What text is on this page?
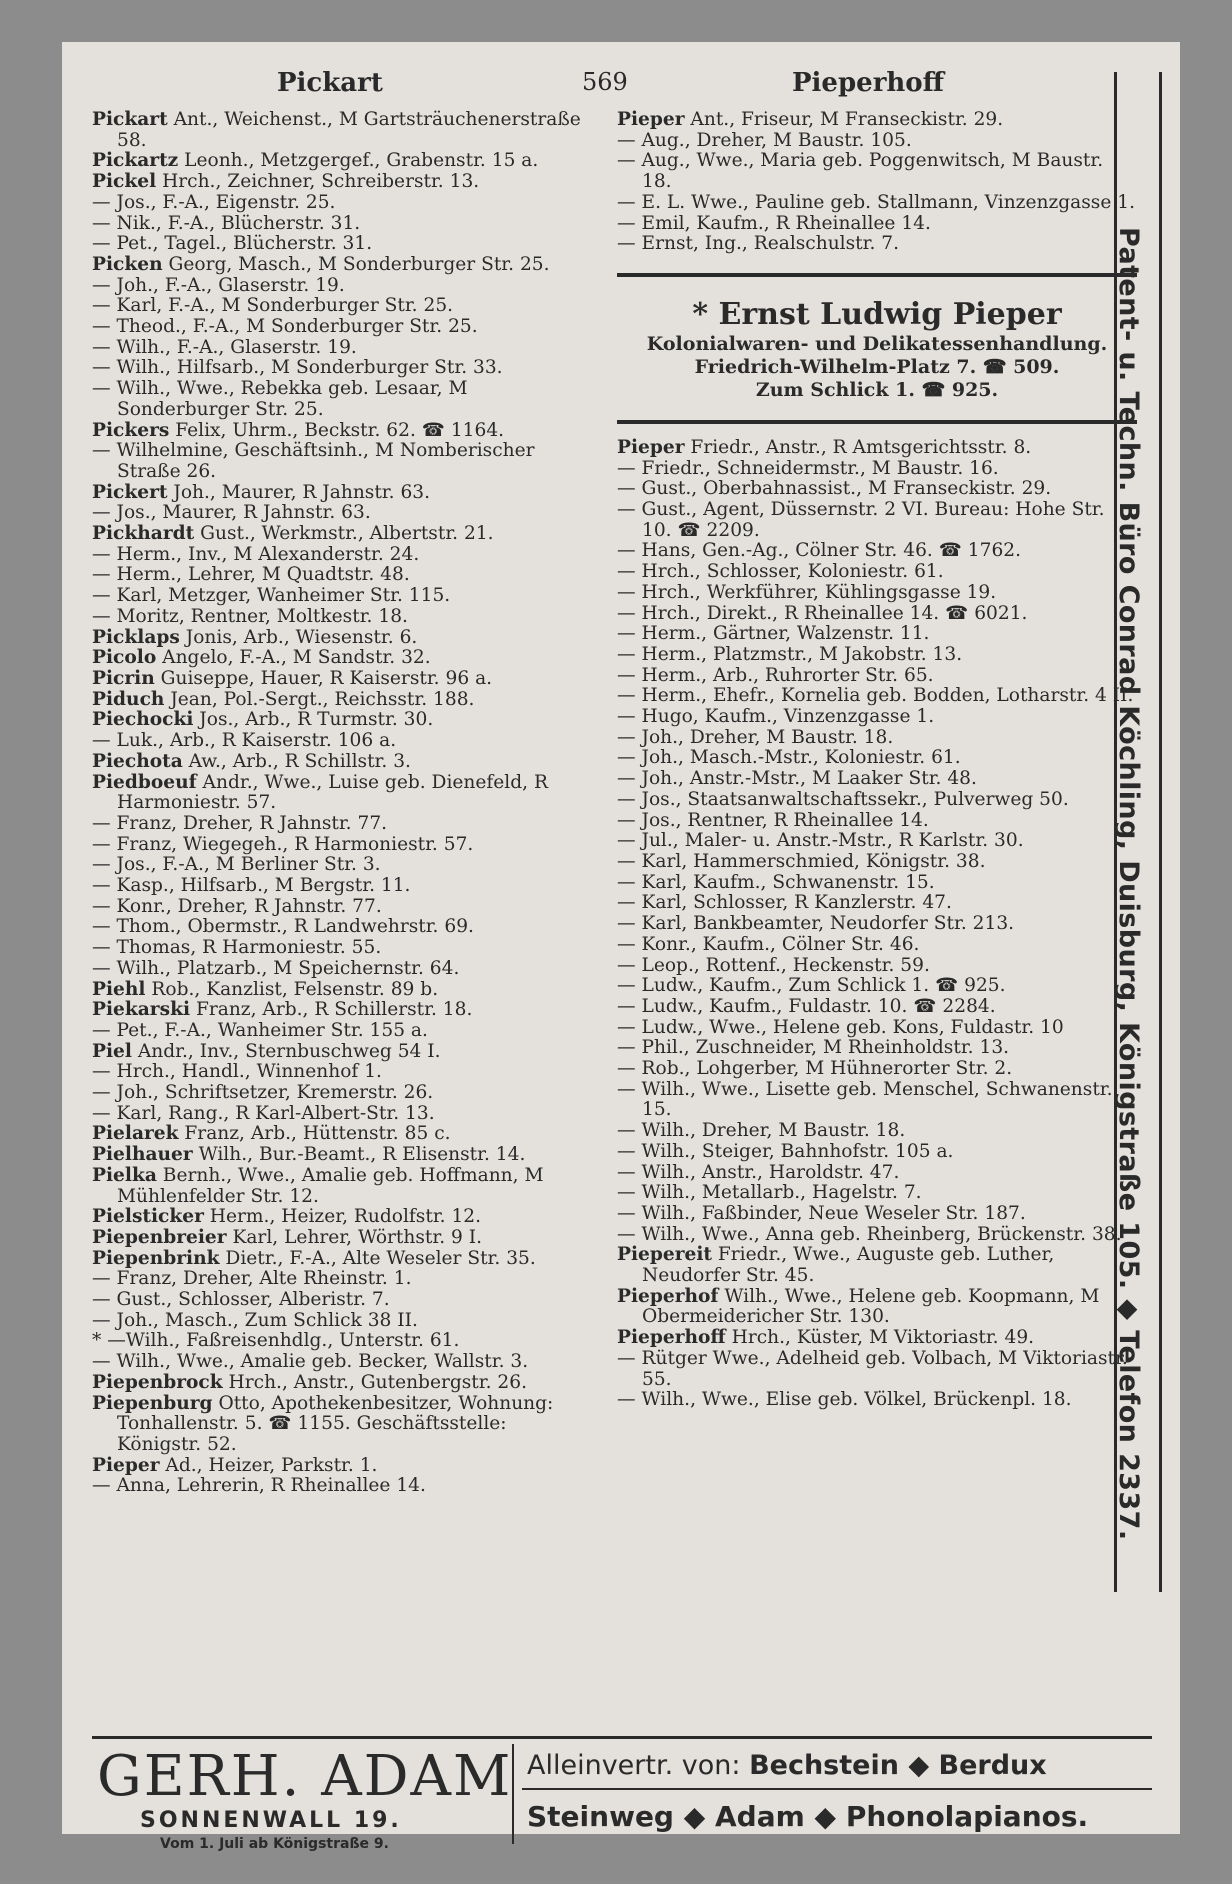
Pickart	569	Pieperhoff

Pickart Ant., Weichenst., M Gartsträuchenerstraße 58.

Pickartz Leonh., Metzgergef., Grabenstr. 15 a.

Pickel Hrch., Zeichner, Schreiberstr. 13.

— Jos., F.-A., Eigenstr. 25.

— Nik., F.-A., Blücherstr. 31.

— Pet., Tagel., Blücherstr. 31.

Picken Georg, Masch., M Sonderburger Str. 25.

— Joh., F.-A., Glaserstr. 19.

— Karl, F.-A., M Sonderburger Str. 25.

— Theod., F.-A., M Sonderburger Str. 25.

— Wilh., F.-A., Glaserstr. 19.

— Wilh., Hilfsarb., M Sonderburger Str. 33.

— Wilh., Wwe., Rebekka geb. Lesaar, M Sonderburger Str. 25.

Pickers Felix, Uhrm., Beckstr. 62. ☎ 1164.

— Wilhelmine, Geschäftsinh., M Nomberischer Straße 26.

Pickert Joh., Maurer, R Jahnstr. 63.

— Jos., Maurer, R Jahnstr. 63.

Pickhardt Gust., Werkmstr., Albertstr. 21.

— Herm., Inv., M Alexanderstr. 24.

— Herm., Lehrer, M Quadtstr. 48.

— Karl, Metzger, Wanheimer Str. 115.

— Moritz, Rentner, Moltkestr. 18.

Picklaps Jonis, Arb., Wiesenstr. 6.

Picolo Angelo, F.-A., M Sandstr. 32.

Picrin Guiseppe, Hauer, R Kaiserstr. 96 a.

Piduch Jean, Pol.-Sergt., Reichsstr. 188.

Piechocki Jos., Arb., R Turmstr. 30.

— Luk., Arb., R Kaiserstr. 106 a.

Piechota Aw., Arb., R Schillstr. 3.

Piedboeuf Andr., Wwe., Luise geb. Dienefeld, R Harmoniestr. 57.

— Franz, Dreher, R Jahnstr. 77.

— Franz, Wiegegeh., R Harmoniestr. 57.

— Jos., F.-A., M Berliner Str. 3.

— Kasp., Hilfsarb., M Bergstr. 11.

— Konr., Dreher, R Jahnstr. 77.

— Thom., Obermstr., R Landwehrstr. 69.

— Thomas, R Harmoniestr. 55.

— Wilh., Platzarb., M Speichernstr. 64.

Piehl Rob., Kanzlist, Felsenstr. 89 b.

Piekarski Franz, Arb., R Schillerstr. 18.

— Pet., F.-A., Wanheimer Str. 155 a.

Piel Andr., Inv., Sternbuschweg 54 I.

— Hrch., Handl., Winnenhof 1.

— Joh., Schriftsetzer, Kremerstr. 26.

— Karl, Rang., R Karl-Albert-Str. 13.

Pielarek Franz, Arb., Hüttenstr. 85 c.

Pielhauer Wilh., Bur.-Beamt., R Elisenstr. 14.

Pielka Bernh., Wwe., Amalie geb. Hoffmann, M Mühlenfelder Str. 12.

Pielsticker Herm., Heizer, Rudolfstr. 12.

Piepenbreier Karl, Lehrer, Wörthstr. 9 I.

Piepenbrink Dietr., F.-A., Alte Weseler Str. 35.

— Franz, Dreher, Alte Rheinstr. 1.

— Gust., Schlosser, Alberistr. 7.

— Joh., Masch., Zum Schlick 38 II.

* —Wilh., Faßreisenhdlg., Unterstr. 61.

— Wilh., Wwe., Amalie geb. Becker, Wallstr. 3.

Piepenbrock Hrch., Anstr., Gutenbergstr. 26.

Piepenburg Otto, Apothekenbesitzer, Wohnung: Tonhallenstr. 5. ☎ 1155. Geschäftsstelle: Königstr. 52.

Pieper Ad., Heizer, Parkstr. 1.

— Anna, Lehrerin, R Rheinallee 14.

Pieper Ant., Friseur, M Franseckistr. 29.

— Aug., Dreher, M Baustr. 105.

— Aug., Wwe., Maria geb. Poggenwitsch, M Baustr. 18.

— E. L. Wwe., Pauline geb. Stallmann, Vinzenzgasse 1.

— Emil, Kaufm., R Rheinallee 14.

— Ernst, Ing., Realschulstr. 7.

* Ernst Ludwig Pieper
Kolonialwaren- und Delikatessenhandlung.
Friedrich-Wilhelm-Platz 7. ☎ 509.
Zum Schlick 1. ☎ 925.

Pieper Friedr., Anstr., R Amtsgerichtsstr. 8.

— Friedr., Schneidermstr., M Baustr. 16.

— Gust., Oberbahnassist., M Franseckistr. 29.

— Gust., Agent, Düssernstr. 2 VI. Bureau: Hohe Str. 10. ☎ 2209.

— Hans, Gen.-Ag., Cölner Str. 46. ☎ 1762.

— Hrch., Schlosser, Koloniestr. 61.

— Hrch., Werkführer, Kühlingsgasse 19.

— Hrch., Direkt., R Rheinallee 14. ☎ 6021.

— Herm., Gärtner, Walzenstr. 11.

— Herm., Platzmstr., M Jakobstr. 13.

— Herm., Arb., Ruhrorter Str. 65.

— Herm., Ehefr., Kornelia geb. Bodden, Lotharstr. 4 II.

— Hugo, Kaufm., Vinzenzgasse 1.

— Joh., Dreher, M Baustr. 18.

— Joh., Masch.-Mstr., Koloniestr. 61.

— Joh., Anstr.-Mstr., M Laaker Str. 48.

— Jos., Staatsanwaltschaftssekr., Pulverweg 50.

— Jos., Rentner, R Rheinallee 14.

— Jul., Maler- u. Anstr.-Mstr., R Karlstr. 30.

— Karl, Hammerschmied, Königstr. 38.

— Karl, Kaufm., Schwanenstr. 15.

— Karl, Schlosser, R Kanzlerstr. 47.

— Karl, Bankbeamter, Neudorfer Str. 213.

— Konr., Kaufm., Cölner Str. 46.

— Leop., Rottenf., Heckenstr. 59.

— Ludw., Kaufm., Zum Schlick 1. ☎ 925.

— Ludw., Kaufm., Fuldastr. 10. ☎ 2284.

— Ludw., Wwe., Helene geb. Kons, Fuldastr. 10

— Phil., Zuschneider, M Rheinholdstr. 13.

— Rob., Lohgerber, M Hühnerorter Str. 2.

— Wilh., Wwe., Lisette geb. Menschel, Schwanenstr. 15.

— Wilh., Dreher, M Baustr. 18.

— Wilh., Steiger, Bahnhofstr. 105 a.

— Wilh., Anstr., Haroldstr. 47.

— Wilh., Metallarb., Hagelstr. 7.

— Wilh., Faßbinder, Neue Weseler Str. 187.

— Wilh., Wwe., Anna geb. Rheinberg, Brückenstr. 38.

Piepereit Friedr., Wwe., Auguste geb. Luther, Neudorfer Str. 45.

Pieperhof Wilh., Wwe., Helene geb. Koopmann, M Obermeidericher Str. 130.

Pieperhoff Hrch., Küster, M Viktoriastr. 49.

— Rütger Wwe., Adelheid geb. Volbach, M Viktoriastr. 55.

— Wilh., Wwe., Elise geb. Völkel, Brückenpl. 18.	Patent- u. Techn. Büro Conrad Köchling, Duisburg, Königstraße 105. ◆ Telefon 2337.
GERH. ADAM
SONNENWALL 19.
Vom 1. Juli ab Königstraße 9.
Alleinvertr. von: Bechstein ◆ Berdux
Steinweg ◆ Adam ◆ Phonolapianos.
